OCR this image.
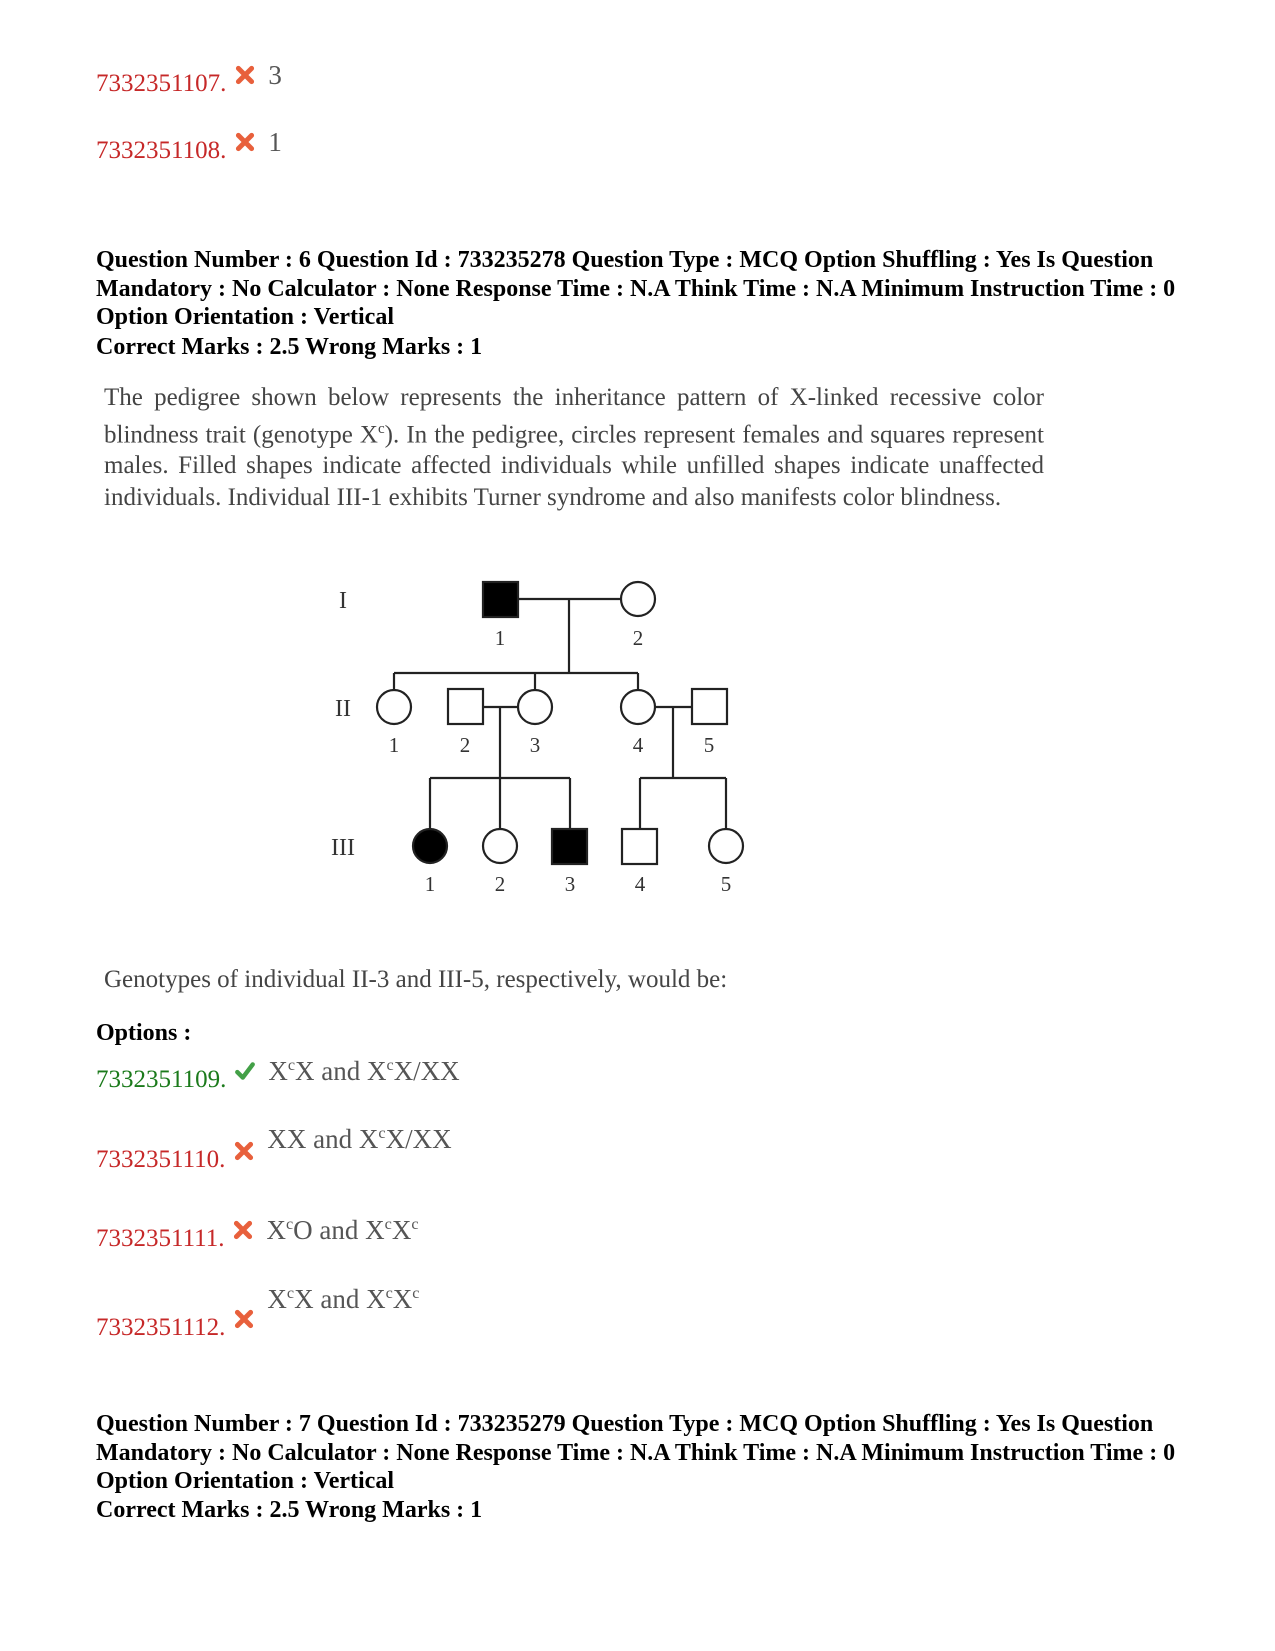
7332351107. 3
7332351108. 1
Question Number : 6 Question Id : 733235278 Question Type : MCQ Option Shuffling : Yes Is Question Mandatory : No Calculator : None Response Time : N.A Think Time : N.A Minimum Instruction Time : 0 Option Orientation : Vertical
Correct Marks : 2.5 Wrong Marks : 1
The pedigree shown below represents the inheritance pattern of X-linked recessive color blindness trait (genotype $X^c$). In the pedigree, circles represent females and squares represent males. Filled shapes indicate affected individuals while unfilled shapes indicate unaffected individuals. Individual III-1 exhibits Turner syndrome and also manifests color blindness.
I
II
III
1	2
1	2	3	4	5
1	2	3	4	5
Genotypes of individual II-3 and III-5, respectively, would be:
Options :
7332351109. $X^cX$ and $X^cX/XX$
7332351110.
XX and $X^cX/XX$
7332351111. $X^cO$ and $X^cX^c$
7332351112.
$X^cX$ and $X^cX^c$
Question Number : 7 Question Id : 733235279 Question Type : MCQ Option Shuffling : Yes Is Question Mandatory : No Calculator : None Response Time : N.A Think Time : N.A Minimum Instruction Time : 0 Option Orientation : Vertical
Correct Marks : 2.5 Wrong Marks : 1
